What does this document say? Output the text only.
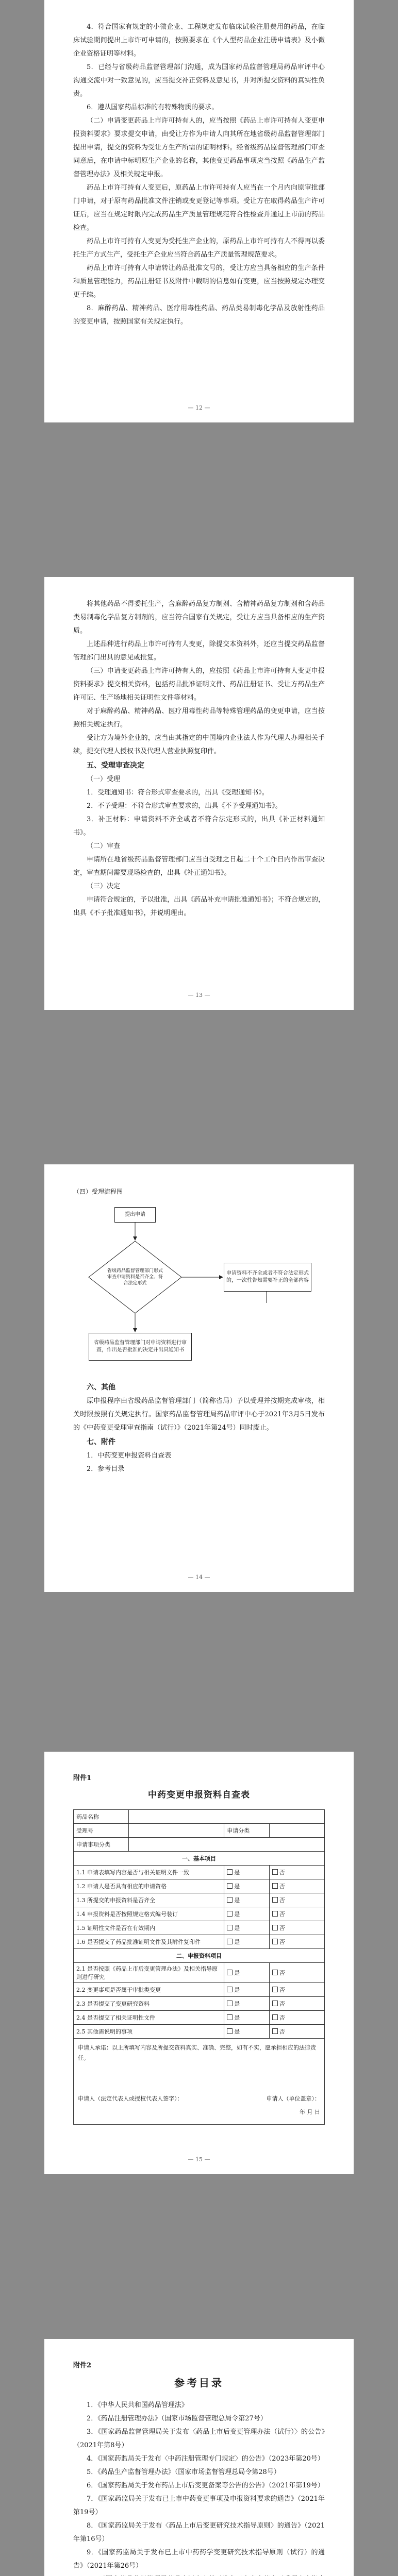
4．符合国家有规定的小微企业、工程规定发布临床试验注册费用的药品，在临床试验期间提出上市许可申请的，按照要求在《个人型药品企业注册申请表》及小微企业资格证明等材料。

5．已经与省级药品监督管理部门沟通，成为国家药品监督管理局药品审评中心沟通交流中对一致意见的，应当提交补正资料及意见书，并对所提交资料的真实性负责。

6．遵从国家药品标准的有特殊物质的要求。

（二）申请变更药品上市许可持有人的，应当按照《药品上市许可持有人变更申报资料要求》要求提交申请，由受让方作为申请人向其所在地省级药品监督管理部门提出申请，提交的资料为受让方生产所需的证明材料。经省级药品监督管理部门审查同意后，在申请中标明原生产企业的名称，其他变更药品事项应当按照《药品生产监督管理办法》及相关规定申报。

药品上市许可持有人变更后，原药品上市许可持有人应当在一个月内向原审批部门申请，对于原有药品批准文件注销或变更登记等事项。受让方在取得药品生产许可证后，应当在规定时限内完成药品生产质量管理规范符合性检查并通过上市前的药品检查。

药品上市许可持有人变更为受托生产企业的，原药品上市许可持有人不得再以委托生产方式生产，受托生产企业应当符合药品生产质量管理规范要求。

药品上市许可持有人申请转让药品批准文号的，受让方应当具备相应的生产条件和质量管理能力，药品注册证书及附件中载明的信息如有变更，应当按照规定办理变更手续。

8．麻醉药品、精神药品、医疗用毒性药品、药品类易制毒化学品及放射性药品的变更申请，按照国家有关规定执行。

— 12 —

将其他药品不得委托生产，含麻醉药品复方制剂、含精神药品复方制剂和含药品类易制毒化学品复方制剂的，应当符合国家有关规定，受让方应当具备相应的生产资质。

上述品种进行药品上市许可持有人变更，除提交本资料外，还应当提交药品监督管理部门出具的意见或批复。

（三）申请变更药品上市许可持有人的，应按照《药品上市许可持有人变更申报资料要求》提交相关资料，包括药品批准证明文件、药品注册证书、受让方药品生产许可证、生产场地相关证明性文件等材料。

对于麻醉药品、精神药品、医疗用毒性药品等特殊管理药品的变更申请，应当按照相关规定执行。

受让方为境外企业的，应当由其指定的中国境内企业法人作为代理人办理相关手续，提交代理人授权书及代理人营业执照复印件。

五、受理审查决定

（一）受理

1．受理通知书：符合形式审查要求的，出具《受理通知书》。

2．不予受理：不符合形式审查要求的，出具《不予受理通知书》。

3．补正材料：申请资料不齐全或者不符合法定形式的，出具《补正材料通知书》。

（二）审查

申请所在地省级药品监督管理部门应当自受理之日起二十个工作日内作出审查决定，审查期间需要现场检查的，出具《补正通知书》。

（三）决定

申请符合规定的，予以批准，出具《药品补充申请批准通知书》；不符合规定的，出具《不予批准通知书》，并说明理由。

— 13 —
（四）受理流程图
提出申请
省级药品监督管理部门形式审查申请资料是否齐全、符合法定形式
申请资料不齐全或者不符合法定形式的，一次性告知需要补正的全部内容
省级药品监督管理部门对申请资料进行审查，作出是否批准的决定并出具通知书
六、其他

原申报程序由省级药品监督管理部门（简称省局）予以受理并按期完成审核，相关时限按照有关规定执行。国家药品监督管理局药品审评中心于2021年3月5日发布的《中药变更受理审查指南（试行）》（2021年第24号）同时废止。

七、附件

1．中药变更申报资料自查表

2．参考目录

— 14 —
附件1
中药变更申报资料自查表
药品名称			
受理号		申请分类	
申请事项分类			
一、基本项目			
1.1 申请表填写内容是否与相关证明文件一致		是	否
1.2 申请人是否具有相应的申请资格		是	否
1.3 所提交的申报资料是否齐全		是	否
1.4 申报资料是否按照规定格式编号装订		是	否
1.5 证明性文件是否在有效期内		是	否
1.6 是否提交了药品批准证明文件及其附件复印件		是	否
二、申报资料项目			
2.1 是否按照《药品上市后变更管理办法》及相关指导原则进行研究		是	否
2.2 变更事项是否属于审批类变更		是	否
2.3 是否提交了变更研究资料		是	否
2.4 是否提交了相关证明性文件		是	否
2.5 其他需说明的事项		是	否

申请人承诺：以上所填写内容及所提交资料真实、准确、完整，如有不实，愿承担相应的法律责任。
申请人（法定代表人或授权代表人签字）： 申请人（单位盖章）：
年 月 日			
— 15 —
附件2
参考目录

1．《中华人民共和国药品管理法》

2．《药品注册管理办法》（国家市场监督管理总局令第27号）

3．《国家药品监督管理局关于发布〈药品上市后变更管理办法（试行）〉的公告》（2021年第8号）

4．《国家药监局关于发布〈中药注册管理专门规定〉的公告》（2023年第20号）

5．《药品生产监督管理办法》（国家市场监督管理总局令第28号）

6．《国家药监局关于发布药品上市后变更备案等公告的公告》（2021年第19号）

7．《国家药监局关于发布已上市中药变更事项及申报资料要求的通告》（2021年第19号）

8．《国家药监局关于发布〈药品上市后变更研究技术指导原则〉的通告》（2021年第16号）

9．《国家药监局关于发布已上市中药药学变更研究技术指导原则（试行）的通告》（2021年第26号）
